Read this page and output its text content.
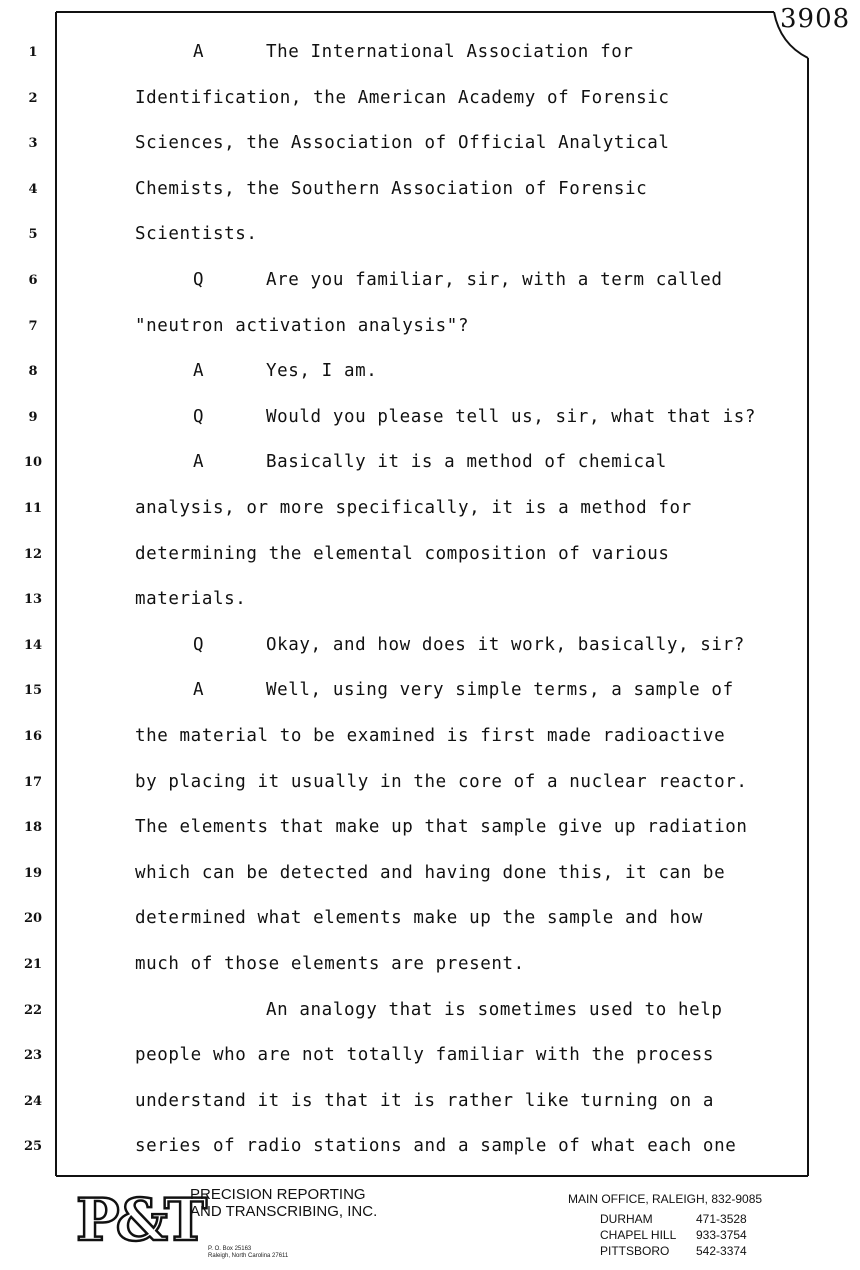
3908
1	A	The International Association for
2	Identification, the American Academy of Forensic
3	Sciences, the Association of Official Analytical
4	Chemists, the Southern Association of Forensic
5	Scientists.
6	Q	Are you familiar, sir, with a term called
7	"neutron activation analysis"?
8	A	Yes, I am.
9	Q	Would you please tell us, sir, what that is?
10	A	Basically it is a method of chemical
11	analysis, or more specifically, it is a method for
12	determining the elemental composition of various
13	materials.
14	Q	Okay, and how does it work, basically, sir?
15	A	Well, using very simple terms, a sample of
16	the material to be examined is first made radioactive
17	by placing it usually in the core of a nuclear reactor.
18	The elements that make up that sample give up radiation
19	which can be detected and having done this, it can be
20	determined what elements make up the sample and how
21	much of those elements are present.
22	An analogy that is sometimes used to help
23	people who are not totally familiar with the process
24	understand it is that it is rather like turning on a
25	series of radio stations and a sample of what each one
P&T
PRECISION REPORTING
AND TRANSCRIBING, INC.
P. O. Box 25163
Raleigh, North Carolina 27611
MAIN OFFICE, RALEIGH, 832-9085
DURHAM	471-3528
CHAPEL HILL 933-3754
PITTSBORO 542-3374
